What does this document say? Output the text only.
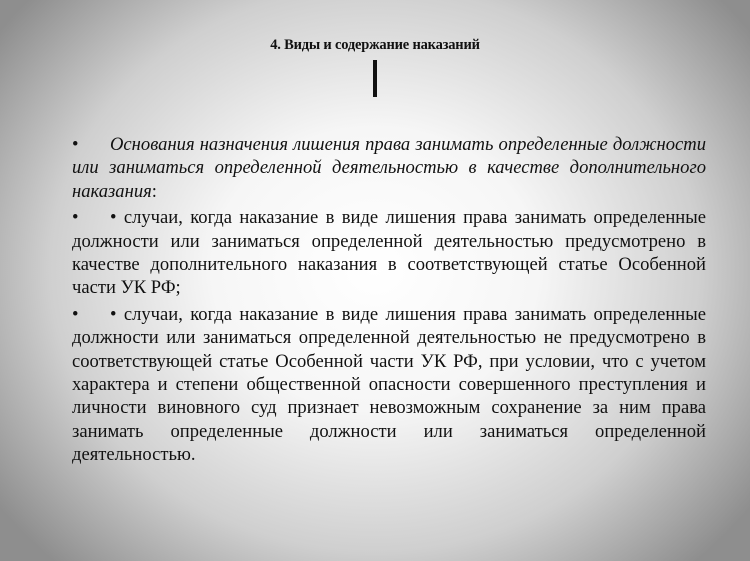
4. Виды и содержание наказаний

• Основания назначения лишения права занимать определенные должности или заниматься определенной деятельностью в качестве дополнительного наказания:

• • случаи, когда наказание в виде лишения права занимать определенные должности или заниматься определенной деятельностью предусмотрено в качестве дополнительного наказания в соответствующей статье Особенной части УК РФ;

• • случаи, когда наказание в виде лишения права занимать определенные должности или заниматься определенной деятельностью не предусмотрено в соответствующей статье Особенной части УК РФ, при условии, что с учетом характера и степени общественной опасности совершенного преступления и личности виновного суд признает невозможным сохранение за ним права занимать определенные должности или заниматься определенной деятельностью.
